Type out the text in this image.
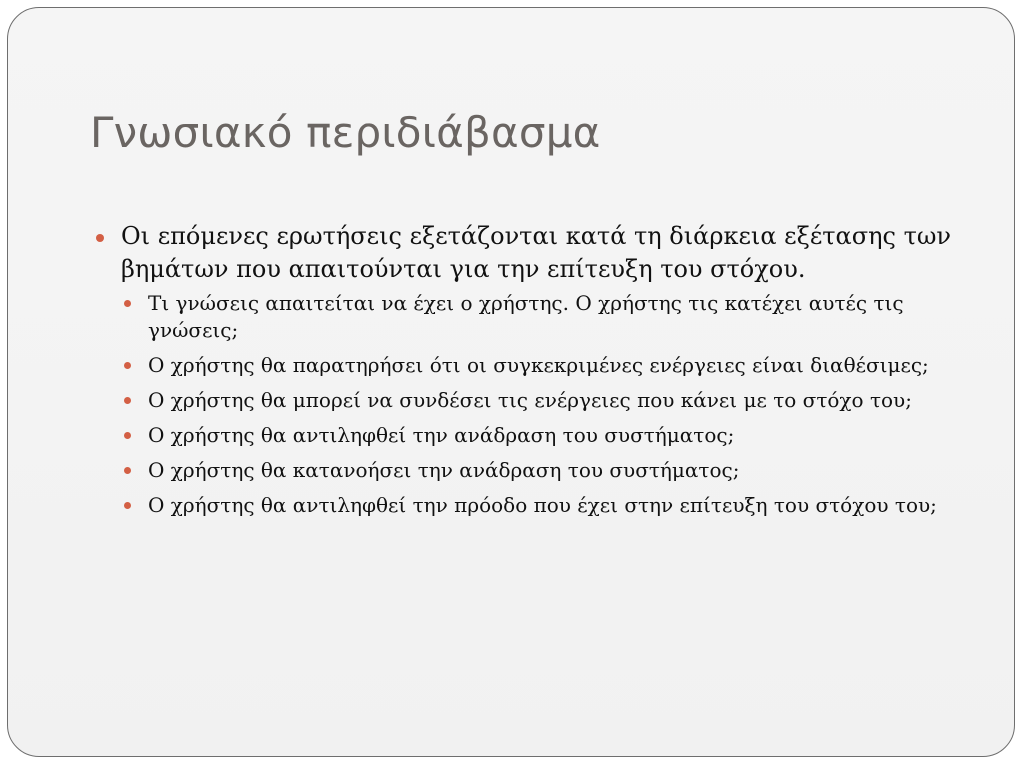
Γνωσιακό περιδιάβασμα
Οι επόμενες ερωτήσεις εξετάζονται κατά τη διάρκεια εξέτασης των βημάτων που απαιτούνται για την επίτευξη του στόχου.
Τι γνώσεις απαιτείται να έχει ο χρήστης. Ο χρήστης τις κατέχει αυτές τις γνώσεις;
Ο χρήστης θα παρατηρήσει ότι οι συγκεκριμένες ενέργειες είναι διαθέσιμες;
Ο χρήστης θα μπορεί να συνδέσει τις ενέργειες που κάνει με το στόχο του;
Ο χρήστης θα αντιληφθεί την ανάδραση του συστήματος;
Ο χρήστης θα κατανοήσει την ανάδραση του συστήματος;
Ο χρήστης θα αντιληφθεί την πρόοδο που έχει στην επίτευξη του στόχου του;
